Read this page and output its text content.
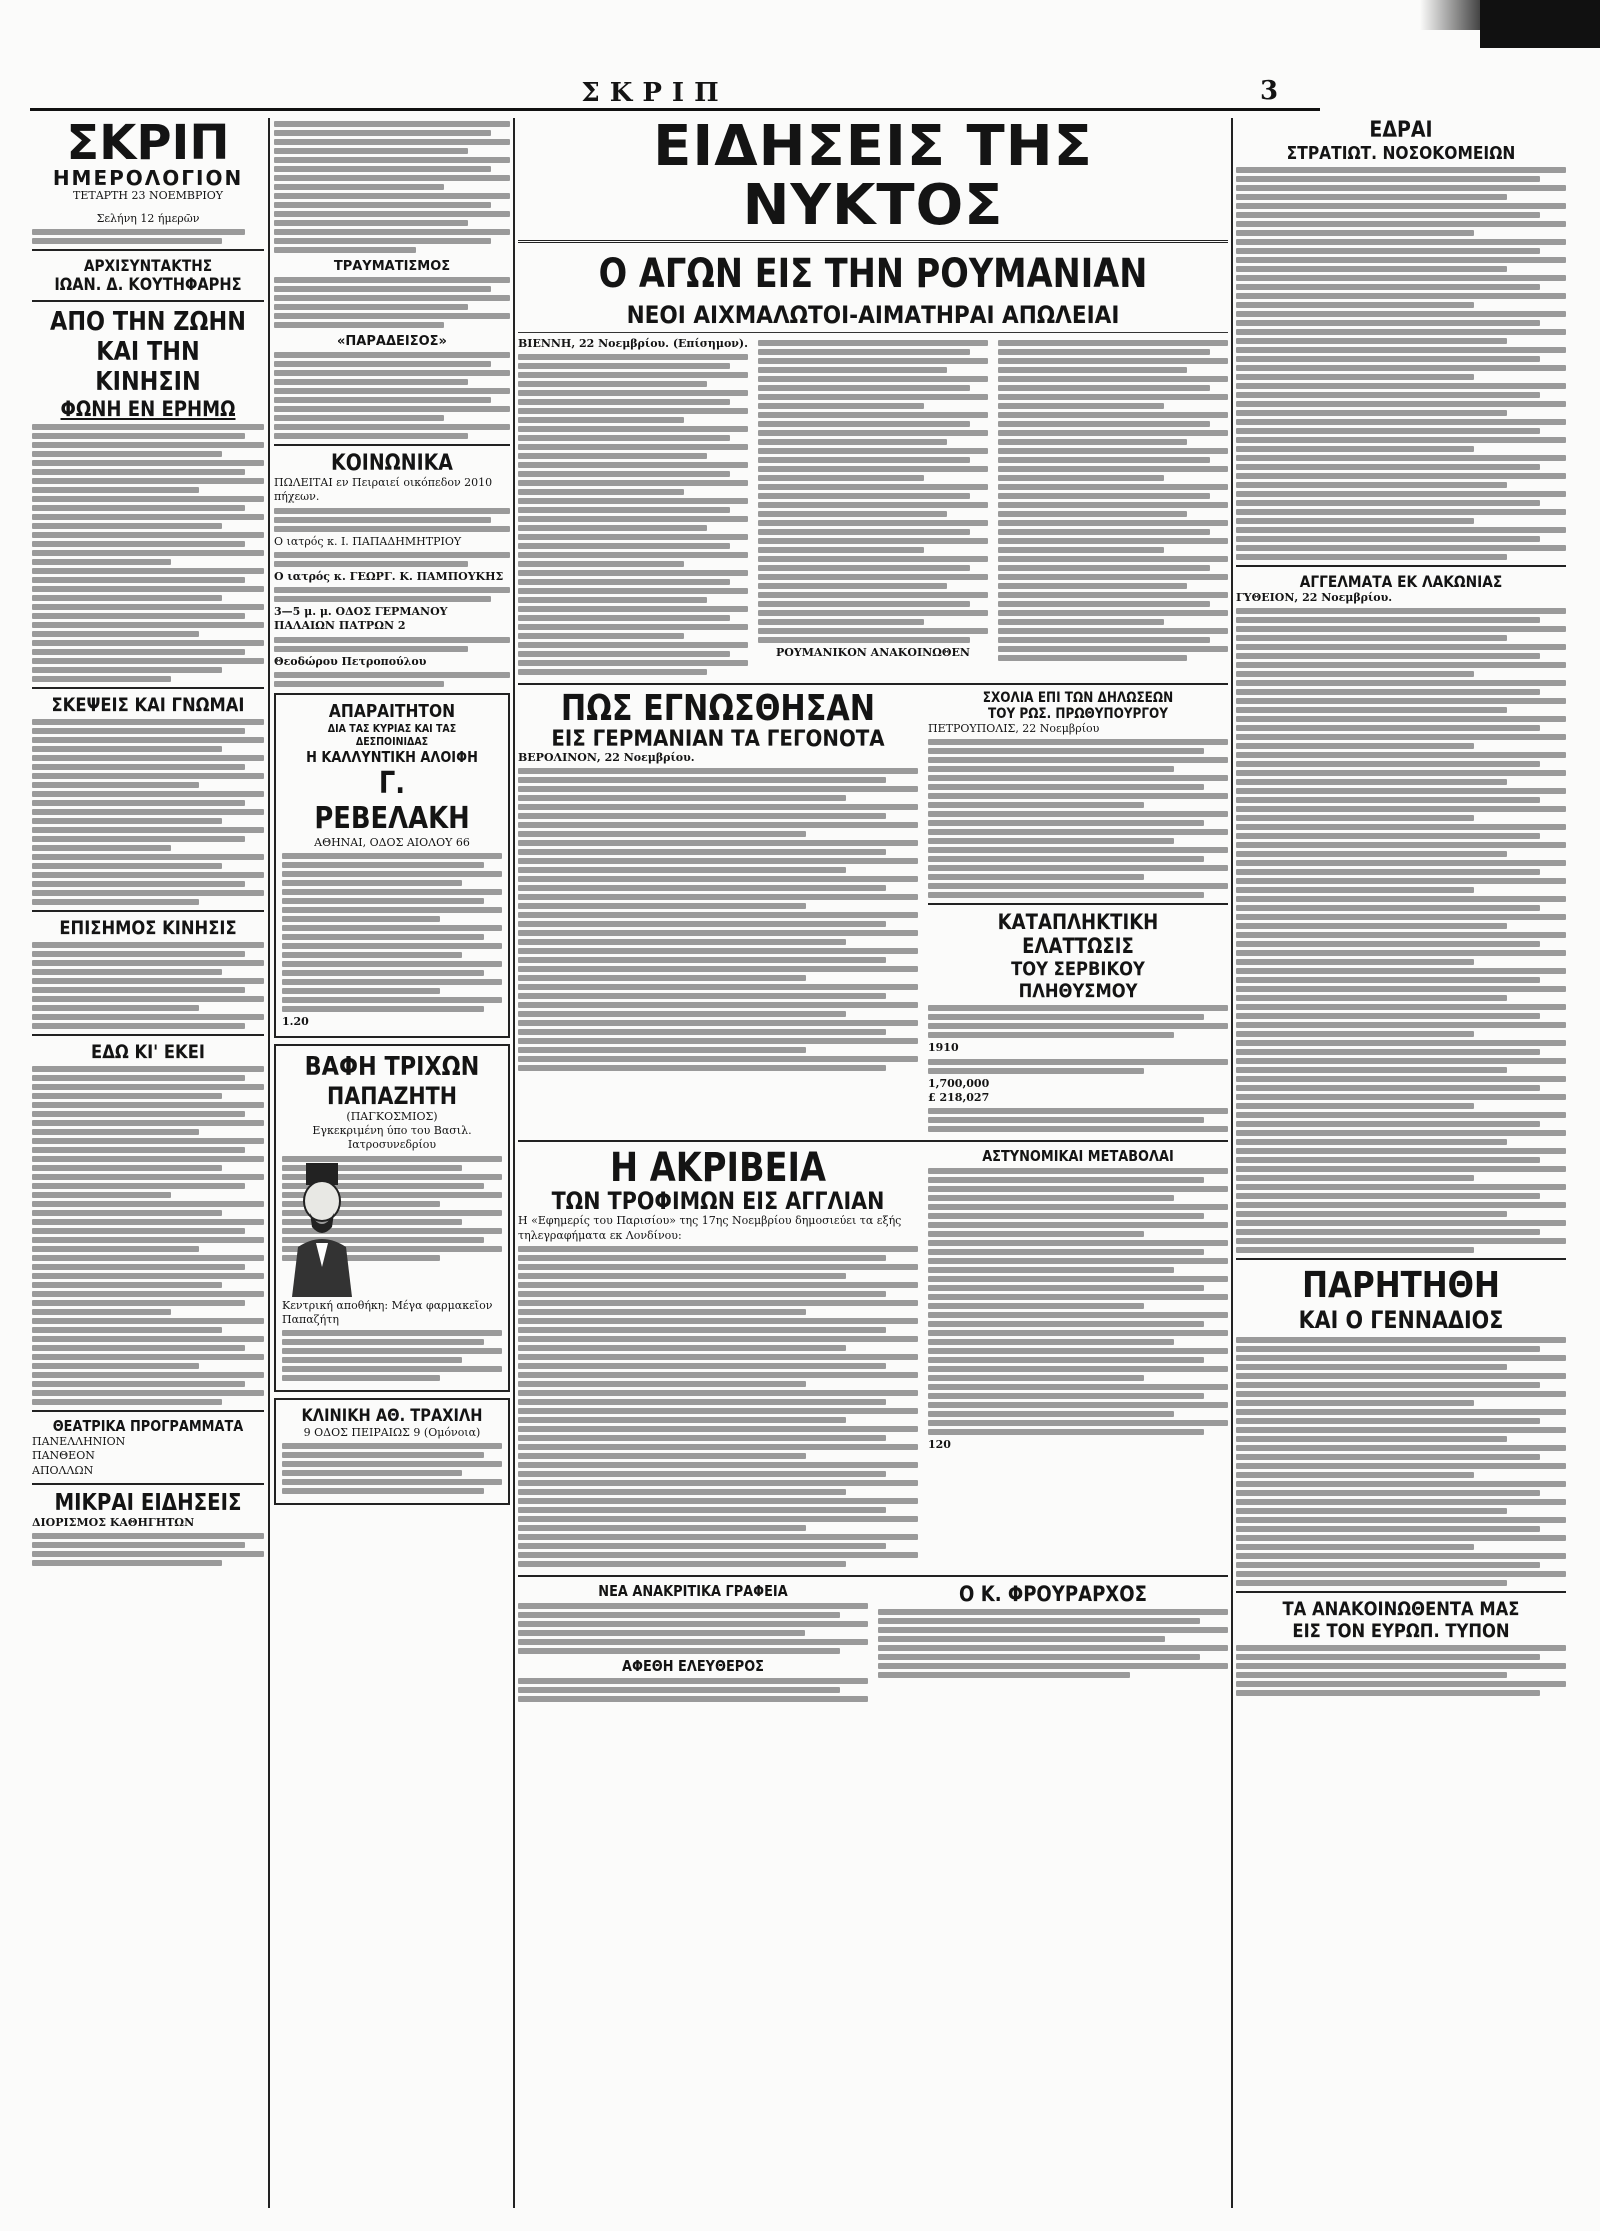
ΣΚΡΙΠ	3
ΣΚΡΙΠ
ΗΜΕΡΟΛΟΓΙΟΝ
ΤΕΤΑΡΤΗ 23 ΝΟΕΜΒΡΙΟΥ
Σελήνη 12 ήμερῶν
ΑΡΧΙΣΥΝΤΑΚΤΗΣ
ΙΩΑΝ. Δ. ΚΟΥΤΗΦΑΡΗΣ
ΑΠΟ ΤΗΝ ΖΩΗΝ
ΚΑΙ ΤΗΝ ΚΙΝΗΣΙΝ
ΦΩΝΗ ΕΝ ΕΡΗΜΩ
ΣΚΕΨΕΙΣ ΚΑΙ ΓΝΩΜΑΙ
ΕΠΙΣΗΜΟΣ ΚΙΝΗΣΙΣ
ΕΔΩ ΚΙ' ΕΚΕΙ
ΘΕΑΤΡΙΚΑ ΠΡΟΓΡΑΜΜΑΤΑ
ΠΑΝΕΛΛΗΝΙΟΝ
ΠΑΝΘΕΟΝ
ΑΠΟΛΛΩΝ
ΜΙΚΡΑΙ ΕΙΔΗΣΕΙΣ
ΔΙΟΡΙΣΜΟΣ ΚΑΘΗΓΗΤΩΝ
ΤΡΑΥΜΑΤΙΣΜΟΣ
«ΠΑΡΑΔΕΙΣΟΣ»
ΚΟΙΝΩΝΙΚΑ
ΠΩΛΕΙΤΑΙ εν Πειραιεί οικόπεδον 2010 πήχεων.
Ο ιατρός κ. Ι. ΠΑΠΑΔΗΜΗΤΡΙΟΥ
Ο ιατρός κ. ΓΕΩΡΓ. Κ. ΠΑΜΠΟΥΚΗΣ
3—5 μ. μ. ΟΔΟΣ ΓΕΡΜΑΝΟΥ ΠΑΛΑΙΩΝ ΠΑΤΡΩΝ 2
Θεοδώρου Πετροπούλου
ΑΠΑΡΑΙΤΗΤΟΝ
ΔΙΑ ΤΑΣ ΚΥΡΙΑΣ ΚΑΙ ΤΑΣ ΔΕΣΠΟΙΝΙΔΑΣ
Η ΚΑΛΛΥΝΤΙΚΗ ΑΛΟΙΦΗ
Γ. ΡΕΒΕΛΑΚΗ
ΑΘΗΝΑΙ, ΟΔΟΣ ΑΙΟΛΟΥ 66
1.20
ΒΑΦΗ ΤΡΙΧΩΝ
ΠΑΠΑΖΗΤΗ
(ΠΑΓΚΟΣΜΙΟΣ)
Εγκεκριμένη ύπο του Βασιλ. Ιατροσυνεδρίου
Κεντρική αποθήκη: Μέγα φαρμακεῖον Παπαζήτη
ΚΛΙΝΙΚΗ ΑΘ. ΤΡΑΧΙΛΗ
9 ΟΔΟΣ ΠΕΙΡΑΙΩΣ 9 (Ομόνοια)
ΕΙΔΗΣΕΙΣ ΤΗΣ ΝΥΚΤΟΣ
Ο ΑΓΩΝ ΕΙΣ ΤΗΝ ΡΟΥΜΑΝΙΑΝ
ΝΕΟΙ ΑΙΧΜΑΛΩΤΟΙ-ΑΙΜΑΤΗΡΑΙ ΑΠΩΛΕΙΑΙ
ΒΙΕΝΝΗ, 22 Νοεμβρίου. (Επίσημον).
ΡΟΥΜΑΝΙΚΟΝ ΑΝΑΚΟΙΝΩΘΕΝ
ΠΩΣ ΕΓΝΩΣΘΗΣΑΝ
ΕΙΣ ΓΕΡΜΑΝΙΑΝ ΤΑ ΓΕΓΟΝΟΤΑ
ΒΕΡΟΛΙΝΟΝ, 22 Νοεμβρίου.
ΣΧΟΛΙΑ ΕΠΙ ΤΩΝ ΔΗΛΩΣΕΩΝ
ΤΟΥ ΡΩΣ. ΠΡΩΘΥΠΟΥΡΓΟΥ
ΠΕΤΡΟΥΠΟΛΙΣ, 22 Νοεμβρίου
ΚΑΤΑΠΛΗΚΤΙΚΗ ΕΛΑΤΤΩΣΙΣ
ΤΟΥ ΣΕΡΒΙΚΟΥ ΠΛΗΘΥΣΜΟΥ
1910
1,700,000
£ 218,027
Η ΑΚΡΙΒΕΙΑ
ΤΩΝ ΤΡΟΦΙΜΩΝ ΕΙΣ ΑΓΓΛΙΑΝ
Η «Εφημερίς του Παρισίου» της 17ης Νοεμβρίου δημοσιεύει τα εξής τηλεγραφήματα εκ Λονδίνου:
ΑΣΤΥΝΟΜΙΚΑΙ ΜΕΤΑΒΟΛΑΙ
120
ΝΕΑ ΑΝΑΚΡΙΤΙΚΑ ΓΡΑΦΕΙΑ
ΑΦΕΘΗ ΕΛΕΥΘΕΡΟΣ
Ο Κ. ΦΡΟΥΡΑΡΧΟΣ
ΕΔΡΑΙ
ΣΤΡΑΤΙΩΤ. ΝΟΣΟΚΟΜΕΙΩΝ
ΑΓΓΕΛΜΑΤΑ ΕΚ ΛΑΚΩΝΙΑΣ
ΓΥΘΕΙΟΝ, 22 Νοεμβρίου.
ΠΑΡΗΤΗΘΗ
ΚΑΙ Ο ΓΕΝΝΑΔΙΟΣ
ΤΑ ΑΝΑΚΟΙΝΩΘΕΝΤΑ ΜΑΣ
ΕΙΣ ΤΟΝ ΕΥΡΩΠ. ΤΥΠΟΝ
